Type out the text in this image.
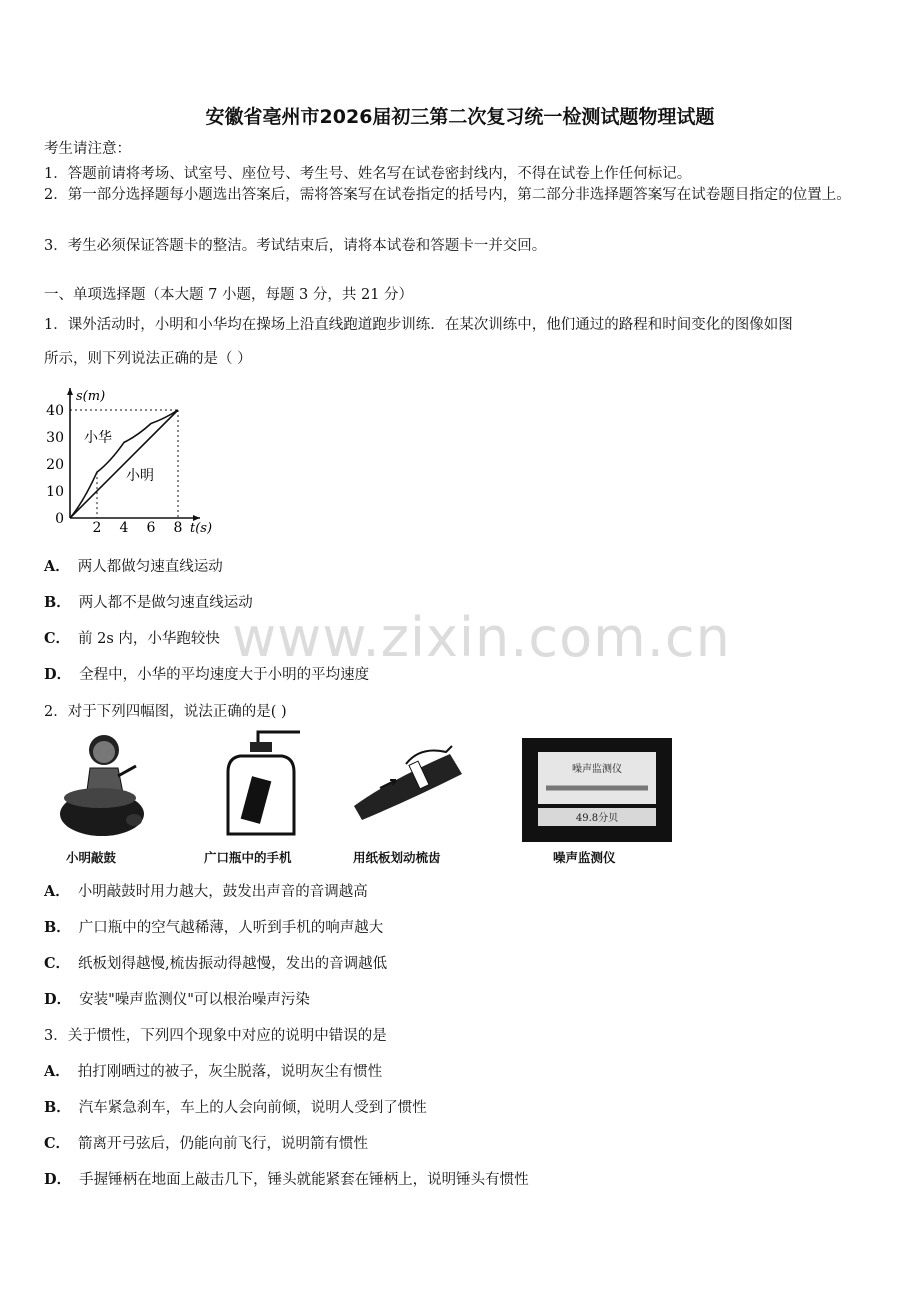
www.zixin.com.cn
安徽省亳州市2026届初三第二次复习统一检测试题物理试题
考生请注意：
1．答题前请将考场、试室号、座位号、考生号、姓名写在试卷密封线内，不得在试卷上作任何标记。
2．第一部分选择题每小题选出答案后，需将答案写在试卷指定的括号内，第二部分非选择题答案写在试卷题目指定的位置上。
3．考生必须保证答题卡的整洁。考试结束后，请将本试卷和答题卡一并交回。
一、单项选择题（本大题 7 小题，每题 3 分，共 21 分）
1．课外活动时，小明和小华均在操场上沿直线跑道跑步训练．在某次训练中，他们通过的路程和时间变化的图像如图
所示，则下列说法正确的是（ ）
s(m)
t(s)
0
10
20
30
40
2 4 6 8
小华
小明
A． 两人都做匀速直线运动
B． 两人都不是做匀速直线运动
C． 前 2s 内，小华跑较快
D． 全程中，小华的平均速度大于小明的平均速度
2．对于下列四幅图，说法正确的是( )
小明敲鼓	广口瓶中的手机	用纸板划动梳齿
噪声监测仪
49.8分贝
噪声监测仪
A． 小明敲鼓时用力越大，鼓发出声音的音调越高
B． 广口瓶中的空气越稀薄，人听到手机的响声越大
C． 纸板划得越慢,梳齿振动得越慢，发出的音调越低
D． 安装"噪声监测仪"可以根治噪声污染
3．关于惯性，下列四个现象中对应的说明中错误的是
A． 拍打刚晒过的被子，灰尘脱落，说明灰尘有惯性
B． 汽车紧急刹车，车上的人会向前倾，说明人受到了惯性
C． 箭离开弓弦后，仍能向前飞行，说明箭有惯性
D． 手握锤柄在地面上敲击几下，锤头就能紧套在锤柄上，说明锤头有惯性
